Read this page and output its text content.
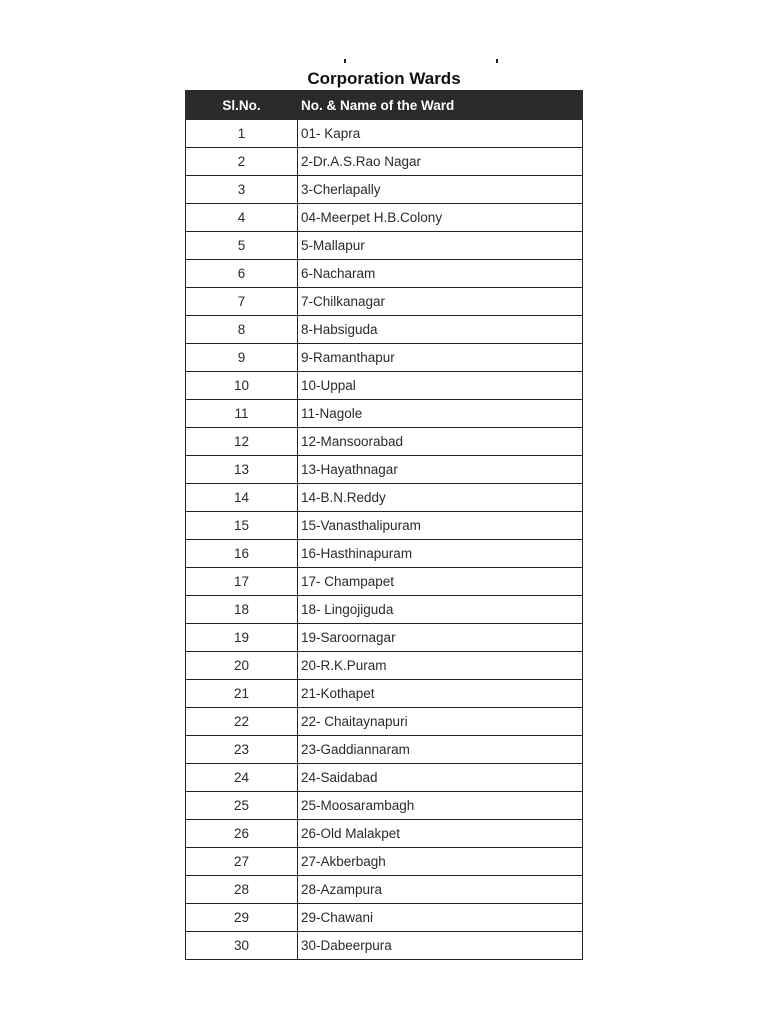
Corporation Wards
Sl.No.	No. & Name of the Ward
1	01- Kapra
2	2-Dr.A.S.Rao Nagar
3	3-Cherlapally
4	04-Meerpet H.B.Colony
5	5-Mallapur
6	6-Nacharam
7	7-Chilkanagar
8	8-Habsiguda
9	9-Ramanthapur
10	10-Uppal
11	11-Nagole
12	12-Mansoorabad
13	13-Hayathnagar
14	14-B.N.Reddy
15	15-Vanasthalipuram
16	16-Hasthinapuram
17	17- Champapet
18	18- Lingojiguda
19	19-Saroornagar
20	20-R.K.Puram
21	21-Kothapet
22	22- Chaitaynapuri
23	23-Gaddiannaram
24	24-Saidabad
25	25-Moosarambagh
26	26-Old Malakpet
27	27-Akberbagh
28	28-Azampura
29	29-Chawani
30	30-Dabeerpura
